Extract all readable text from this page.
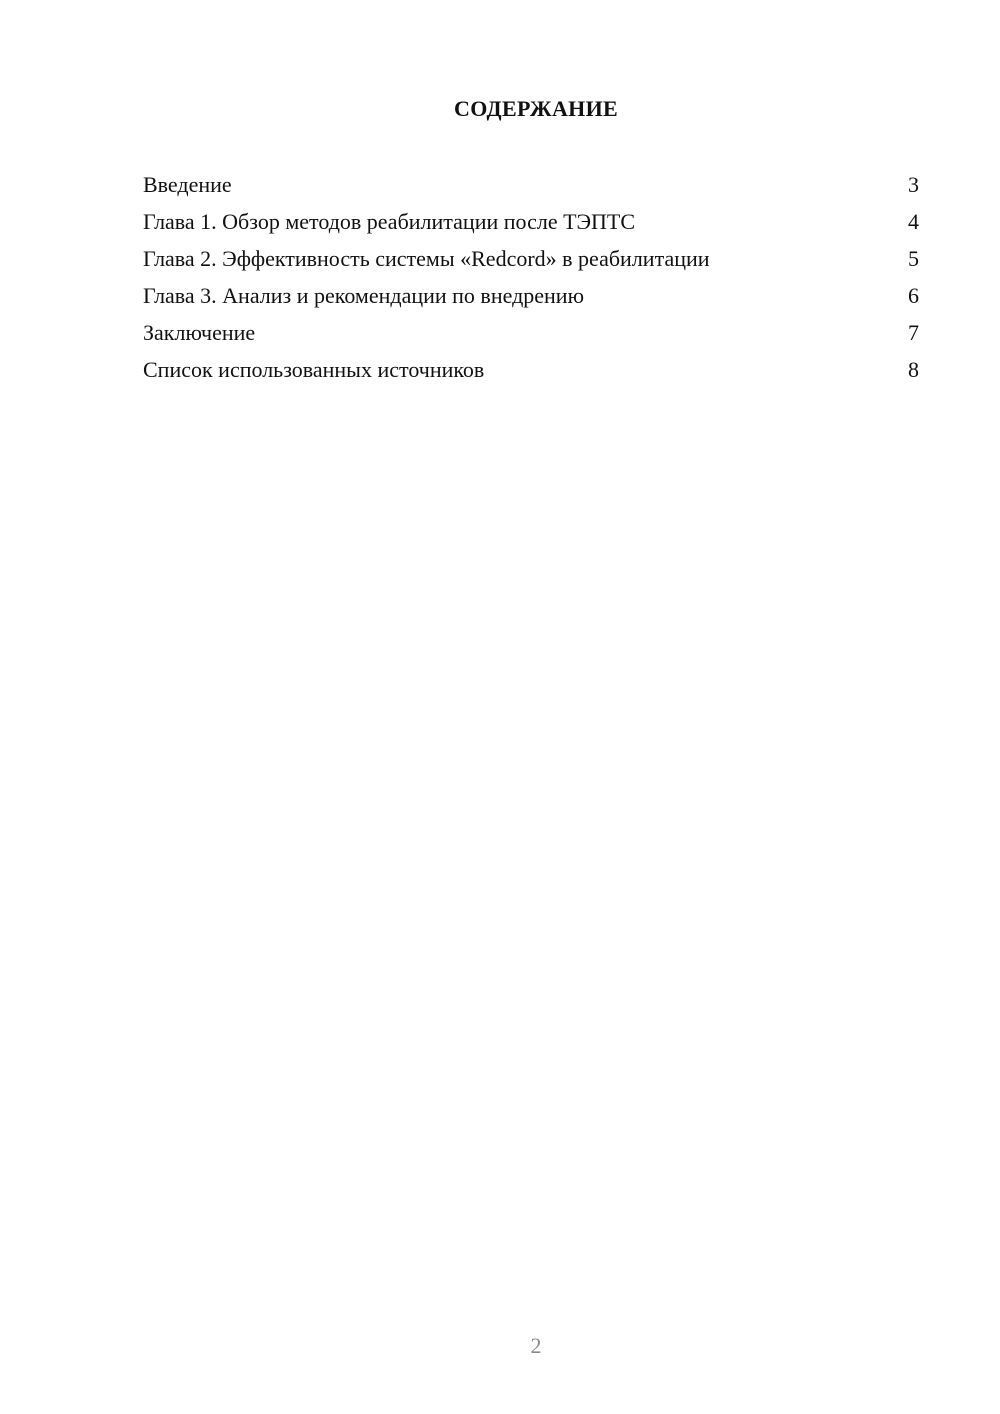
СОДЕРЖАНИЕ
Введение	3
Глава 1. Обзор методов реабилитации после ТЭПТС	4
Глава 2. Эффективность системы «Redcord» в реабилитации	5
Глава 3. Анализ и рекомендации по внедрению	6
Заключение	7
Список использованных источников	8
2
